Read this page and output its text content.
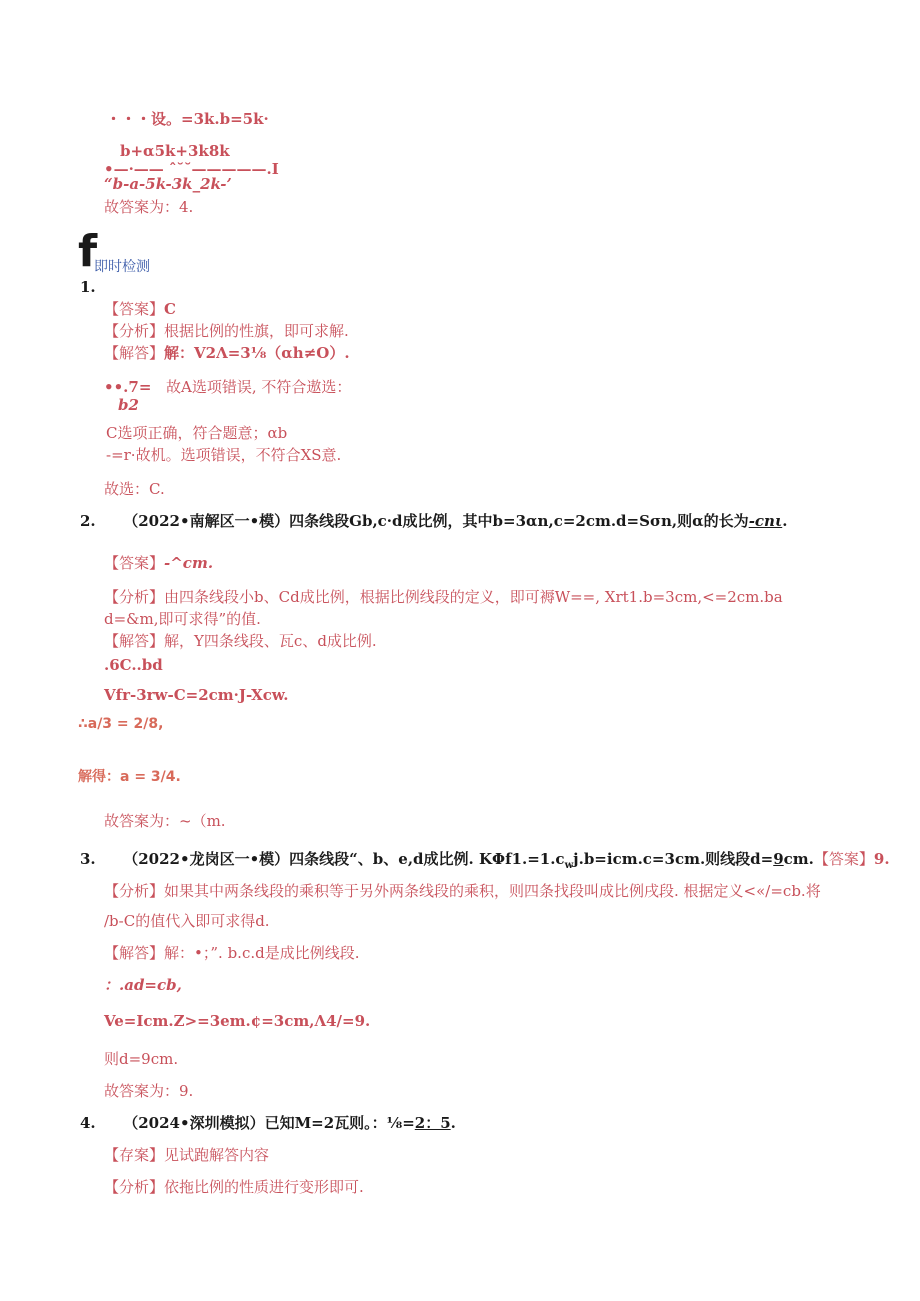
・・・设。=3k.b=5k·
b+α5k+3k8k
•—·—— ˆ˘˘—————.I
“b-a-5k-3k_2k-’
故答案为：4.
f
即时检测
1.
【答案】C
【分析】根据比例的性旗，即可求解.
【解答】解：V2Λ=3⅛（αh≠O）.
••.7= 故A选项错误, 不符合遨选：
b2
C选项正确，符合题意；αb
-=r·故机。选项错误，不符合XS意.
故选：C.
2. （2022•南解区一•模）四条线段Gb,c·d成比例，其中b=3αn,c=2cm.d=Sσn,则α的长为-cnι.
【答案】-^cm.
【分析】由四条线段小b、Cd成比例，根据比例线段的定义，即可褥W==, Xrt1.b=3cm,<=2cm.ba
d=&m,即可求得”的值.
【解答】解，Y四条线段、瓦c、d成比例.
.6C..bd
Vfr-3rw-C=2cm·J-Xcw.
∴a/3 = 2/8,
解得：a = 3/4.
故答案为：~（m.
3. （2022•龙岗区一•模）四条线段“、b、e,d成比例. $K\Phi f1.=1.c_wj.b=icm.c=3cm$.则线段d=9cm.【答案】9.
【分析】如果其中两条线段的乘积等于另外两条线段的乘积，则四条找段叫成比例戌段. 根据定义<«/=cb.将
/b-C的值代入即可求得d.
【解答】解：•；”. b.c.d是成比例线段.
：.ad=cb,
Ve=Icm.Z>=3em.¢=3cm,Λ4/=9.
则d=9cm.
故答案为：9.
4. （2024•深圳模拟）已知M=2瓦则。：⅛=2：5.
【存案】见试跑解答内容
【分析】依拖比例的性质进行变形即可.
